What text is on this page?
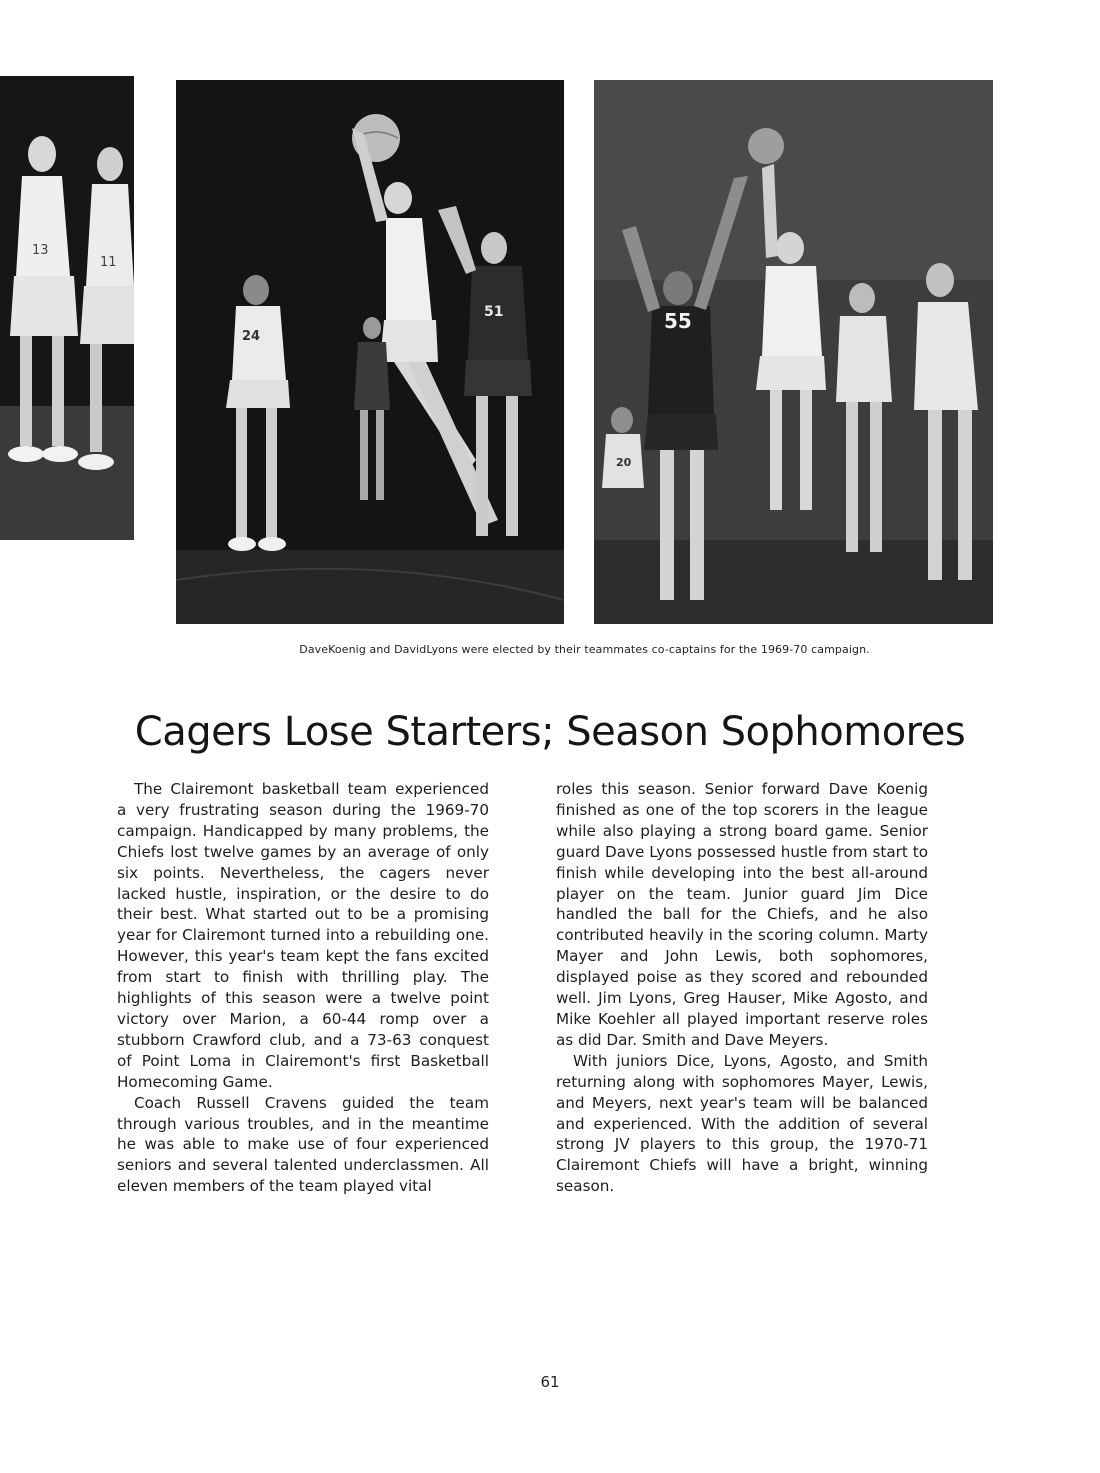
13
11
24
51	55
20
DaveKoenig and DavidLyons were elected by their teammates co-captains for the 1969-70 campaign.
Cagers Lose Starters; Season Sophomores

The Clairemont basketball team experienced a very frustrating season during the 1969-70 campaign. Handicapped by many problems, the Chiefs lost twelve games by an average of only six points. Nevertheless, the cagers never lacked hustle, inspiration, or the desire to do their best. What started out to be a promising year for Clairemont turned into a rebuilding one. However, this year's team kept the fans excited from start to finish with thrilling play. The highlights of this season were a twelve point victory over Marion, a 60-44 romp over a stubborn Crawford club, and a 73-63 conquest of Point Loma in Clairemont's first Basketball Homecoming Game.

Coach Russell Cravens guided the team through various troubles, and in the meantime he was able to make use of four experienced seniors and several talented underclassmen. All eleven members of the team played vital

roles this season. Senior forward Dave Koenig finished as one of the top scorers in the league while also playing a strong board game. Senior guard Dave Lyons possessed hustle from start to finish while developing into the best all-around player on the team. Junior guard Jim Dice handled the ball for the Chiefs, and he also contributed heavily in the scoring column. Marty Mayer and John Lewis, both sophomores, displayed poise as they scored and rebounded well. Jim Lyons, Greg Hauser, Mike Agosto, and Mike Koehler all played important reserve roles as did Dar. Smith and Dave Meyers.

With juniors Dice, Lyons, Agosto, and Smith returning along with sophomores Mayer, Lewis, and Meyers, next year's team will be balanced and experienced. With the addition of several strong JV players to this group, the 1970-71 Clairemont Chiefs will have a bright, winning season.

61
